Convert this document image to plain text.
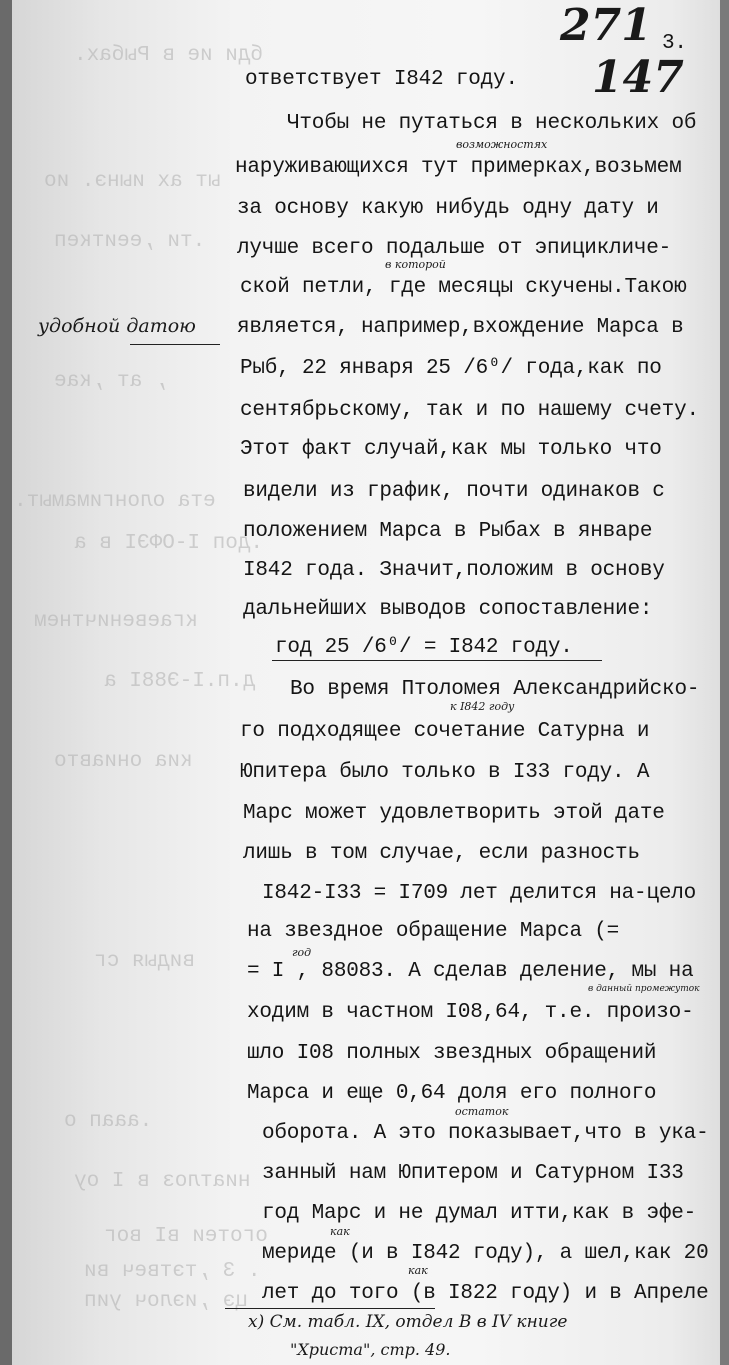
бди ие в Рыбах.
ыт ах иынэ. ио
.ти ,ееиткеп
, ат ,кае
ета олонгимамыт.
.доп I-ОФЭI в а
кгаевеничтнем
д.п.I-Э88I а
киа ониавто
видыя сг
.ааап о
ниатлоз в I оу
оготеи вI вог
. 3 ,тэтвеч ви
цэ ,иэлоч уип
271
147
3.
удобной датою
ответствует I842 году.
Чтобы не путаться в нескольких об
наруживающихся тут примерках,возьмем
за основу какую нибудь одну дату и
лучше всего подальше от эпицикличе-
ской петли, где месяцы скучены.Такою
является, например,вхождение Марса в
Рыб, 22 января 25 /6⁰/ года,как по
сентябрьскому, так и по нашему счету.
Этот факт случай,как мы только что
видели из график, почти одинаков с
положением Марса в Рыбах в январе
I842 года. Значит,положим в основу
дальнейших выводов сопоставление:
год 25 /6⁰/ = I842 году.
Во время Птоломея Александрийско-
го подходящее сочетание Сатурна и
Юпитера было только в I33 году. А
Марс может удовлетворить этой дате
лишь в том случае, если разность
I842-I33 = I709 лет делится на-цело
на звездное обращение Марса (=
= I , 88083. А сделав деление, мы на
ходим в частном I08,64, т.е. произо-
шло I08 полных звездных обращений
Марса и еще 0,64 доля его полного
оборота. А это показывает,что в ука-
занный нам Юпитером и Сатурном I33
год Марс и не думал итти,как в эфе-
мериде (и в I842 году), а шел,как 20
лет до того (в I822 году) и в Апреле
возможностях
в которой
к I842 году
год
в данный промежуток
остаток
как
как
х) См. табл. IX, отдел В в IV книге
"Христа", стр. 49.
